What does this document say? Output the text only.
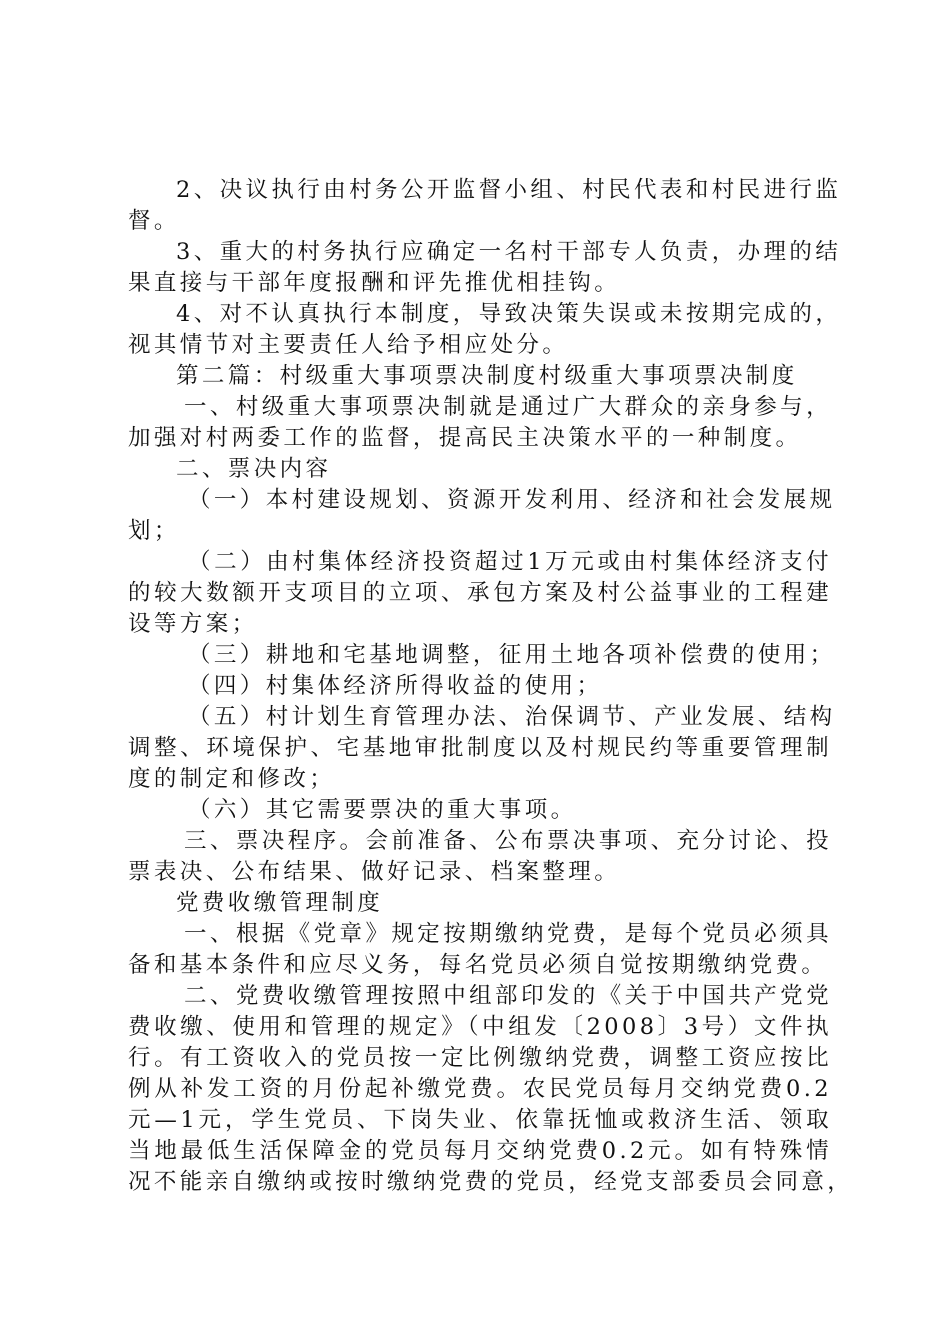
2、决议执行由村务公开监督小组、村民代表和村民进行监
督。
3、重大的村务执行应确定一名村干部专人负责，办理的结
果直接与干部年度报酬和评先推优相挂钩。
4、对不认真执行本制度，导致决策失误或未按期完成的，
视其情节对主要责任人给予相应处分。
第二篇：村级重大事项票决制度村级重大事项票决制度
一、村级重大事项票决制就是通过广大群众的亲身参与，
加强对村两委工作的监督，提高民主决策水平的一种制度。
二、票决内容
（一）本村建设规划、资源开发利用、经济和社会发展规
划；
（二）由村集体经济投资超过1万元或由村集体经济支付
的较大数额开支项目的立项、承包方案及村公益事业的工程建
设等方案；
（三）耕地和宅基地调整，征用土地各项补偿费的使用；
（四）村集体经济所得收益的使用；
（五）村计划生育管理办法、治保调节、产业发展、结构
调整、环境保护、宅基地审批制度以及村规民约等重要管理制
度的制定和修改；
（六）其它需要票决的重大事项。
三、票决程序。会前准备、公布票决事项、充分讨论、投
票表决、公布结果、做好记录、档案整理。
党费收缴管理制度
一、根据《党章》规定按期缴纳党费，是每个党员必须具
备和基本条件和应尽义务，每名党员必须自觉按期缴纳党费。
二、党费收缴管理按照中组部印发的《关于中国共产党党
费收缴、使用和管理的规定》（中组发〔2008〕3号）文件执
行。有工资收入的党员按一定比例缴纳党费，调整工资应按比
例从补发工资的月份起补缴党费。农民党员每月交纳党费0.2
元—1元，学生党员、下岗失业、依靠抚恤或救济生活、领取
当地最低生活保障金的党员每月交纳党费0.2元。如有特殊情
况不能亲自缴纳或按时缴纳党费的党员，经党支部委员会同意，
